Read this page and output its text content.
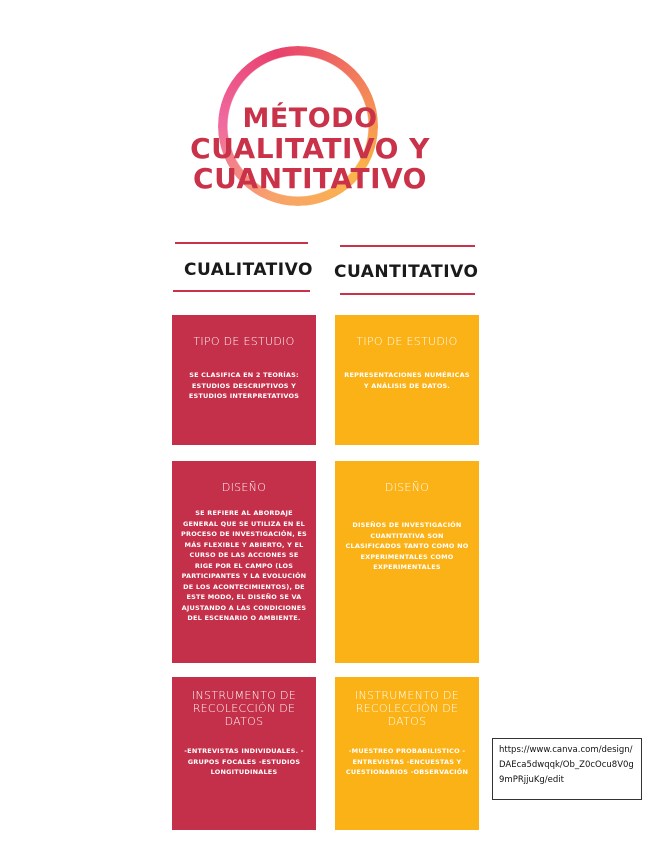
MÉTODO
CUALITATIVO Y
CUANTITATIVO
CUALITATIVO CUANTITATIVO
TIPO DE ESTUDIO
SE CLASIFICA EN 2 TEORÍAS: ESTUDIOS DESCRIPTIVOS Y ESTUDIOS INTERPRETATIVOS
DISEÑO
SE REFIERE AL ABORDAJE GENERAL QUE SE UTILIZA EN EL PROCESO DE INVESTIGACIÓN, ES MÁS FLEXIBLE Y ABIERTO, Y EL CURSO DE LAS ACCIONES SE RIGE POR EL CAMPO (LOS PARTICIPANTES Y LA EVOLUCIÓN DE LOS ACONTECIMIENTOS), DE ESTE MODO, EL DISEÑO SE VA AJUSTANDO A LAS CONDICIONES DEL ESCENARIO O AMBIENTE.
INSTRUMENTO DE RECOLECCIÓN DE DATOS
-ENTREVISTAS INDIVIDUALES. -GRUPOS FOCALES -ESTUDIOS LONGITUDINALES
TIPO DE ESTUDIO
REPRESENTACIONES NUMÉRICAS Y ANÁLISIS DE DATOS.
DISEÑO
DISEÑOS DE INVESTIGACIÓN CUANTITATIVA SON CLASIFICADOS TANTO COMO NO EXPERIMENTALES COMO EXPERIMENTALES
INSTRUMENTO DE RECOLECCIÓN DE DATOS
-MUESTREO PROBABILISTICO -ENTREVISTAS -ENCUESTAS Y CUESTIONARIOS -OBSERVACIÓN
https://www.canva.com/design/DAEca5dwqqk/Ob_Z0cOcu8V0g9mPRjjuKg/edit
